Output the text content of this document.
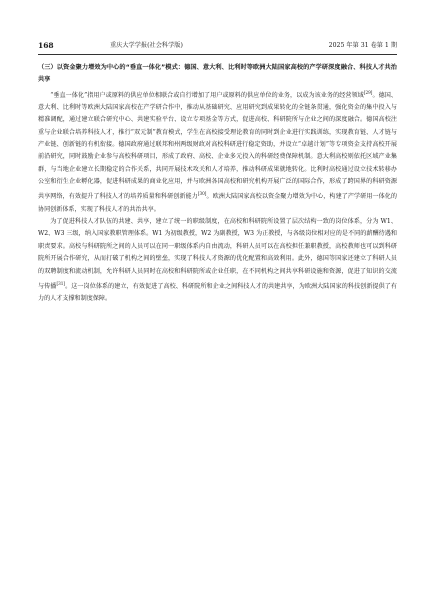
168	重庆大学学报(社会科学版)	2025 年第 31 卷第 1 期

（三）以资金聚力增效为中心的“垂直一体化”模式：德国、意大利、比利时等欧洲大陆国家高校的产学研深度融合、科技人才共治共享

“垂直一体化”指用户或原料的供应单位相联合或自行增加了用户或原料的供应单位的业务，以成为该业务的经营领域[29]。德国、意大利、比利时等欧洲大陆国家高校在产学研合作中，推动从基础研究、应用研究到成果转化的全链条贯通，强化资金的集中投入与精准调配，通过建立联合研究中心、共建实验平台、设立专项基金等方式，促进高校、科研院所与企业之间的深度融合。德国高校注重与企业联合培养科技人才，推行“双元制”教育模式，学生在高校接受理论教育的同时到企业进行实践训练，实现教育链、人才链与产业链、创新链的有机衔接。德国政府通过联邦和州两级财政对高校科研进行稳定资助，并设立“卓越计划”等专项资金支持高校开展前沿研究，同时鼓励企业参与高校科研项目，形成了政府、高校、企业多元投入的科研经费保障机制。意大利高校则依托区域产业集群，与当地企业建立长期稳定的合作关系，共同开展技术攻关和人才培养，推动科研成果就地转化。比利时高校通过设立技术转移办公室和衍生企业孵化器，促进科研成果的商业化应用，并与欧洲各国高校和研究机构开展广泛的国际合作，形成了跨国界的科研资源共享网络，有效提升了科技人才的培养质量和科研创新能力[30]。欧洲大陆国家高校以资金聚力增效为中心，构建了产学研用一体化的协同创新体系，实现了科技人才的共治共享。

为了促进科技人才队伍的共建、共享，建立了统一的职级制度，在高校和科研院所设置了层次结构一致的岗位体系，分为 W1、W2、W3 三级，纳入国家教职管理体系。W1 为初级教授，W2 为副教授，W3 为正教授，与各级岗位相对应的是不同的薪酬待遇和职责要求。高校与科研院所之间的人员可以在同一职级体系内自由流动，科研人员可以在高校担任兼职教授，高校教师也可以到科研院所开展合作研究，从而打破了机构之间的壁垒，实现了科技人才资源的优化配置和高效利用。此外，德国等国家还建立了科研人员的双聘制度和流动机制，允许科研人员同时在高校和科研院所或企业任职，在不同机构之间共享科研设施和资源，促进了知识的交流与传播[31]。这一岗位体系的建立，有效促进了高校、科研院所和企业之间科技人才的共建共享，为欧洲大陆国家的科技创新提供了有力的人才支撑和制度保障。
